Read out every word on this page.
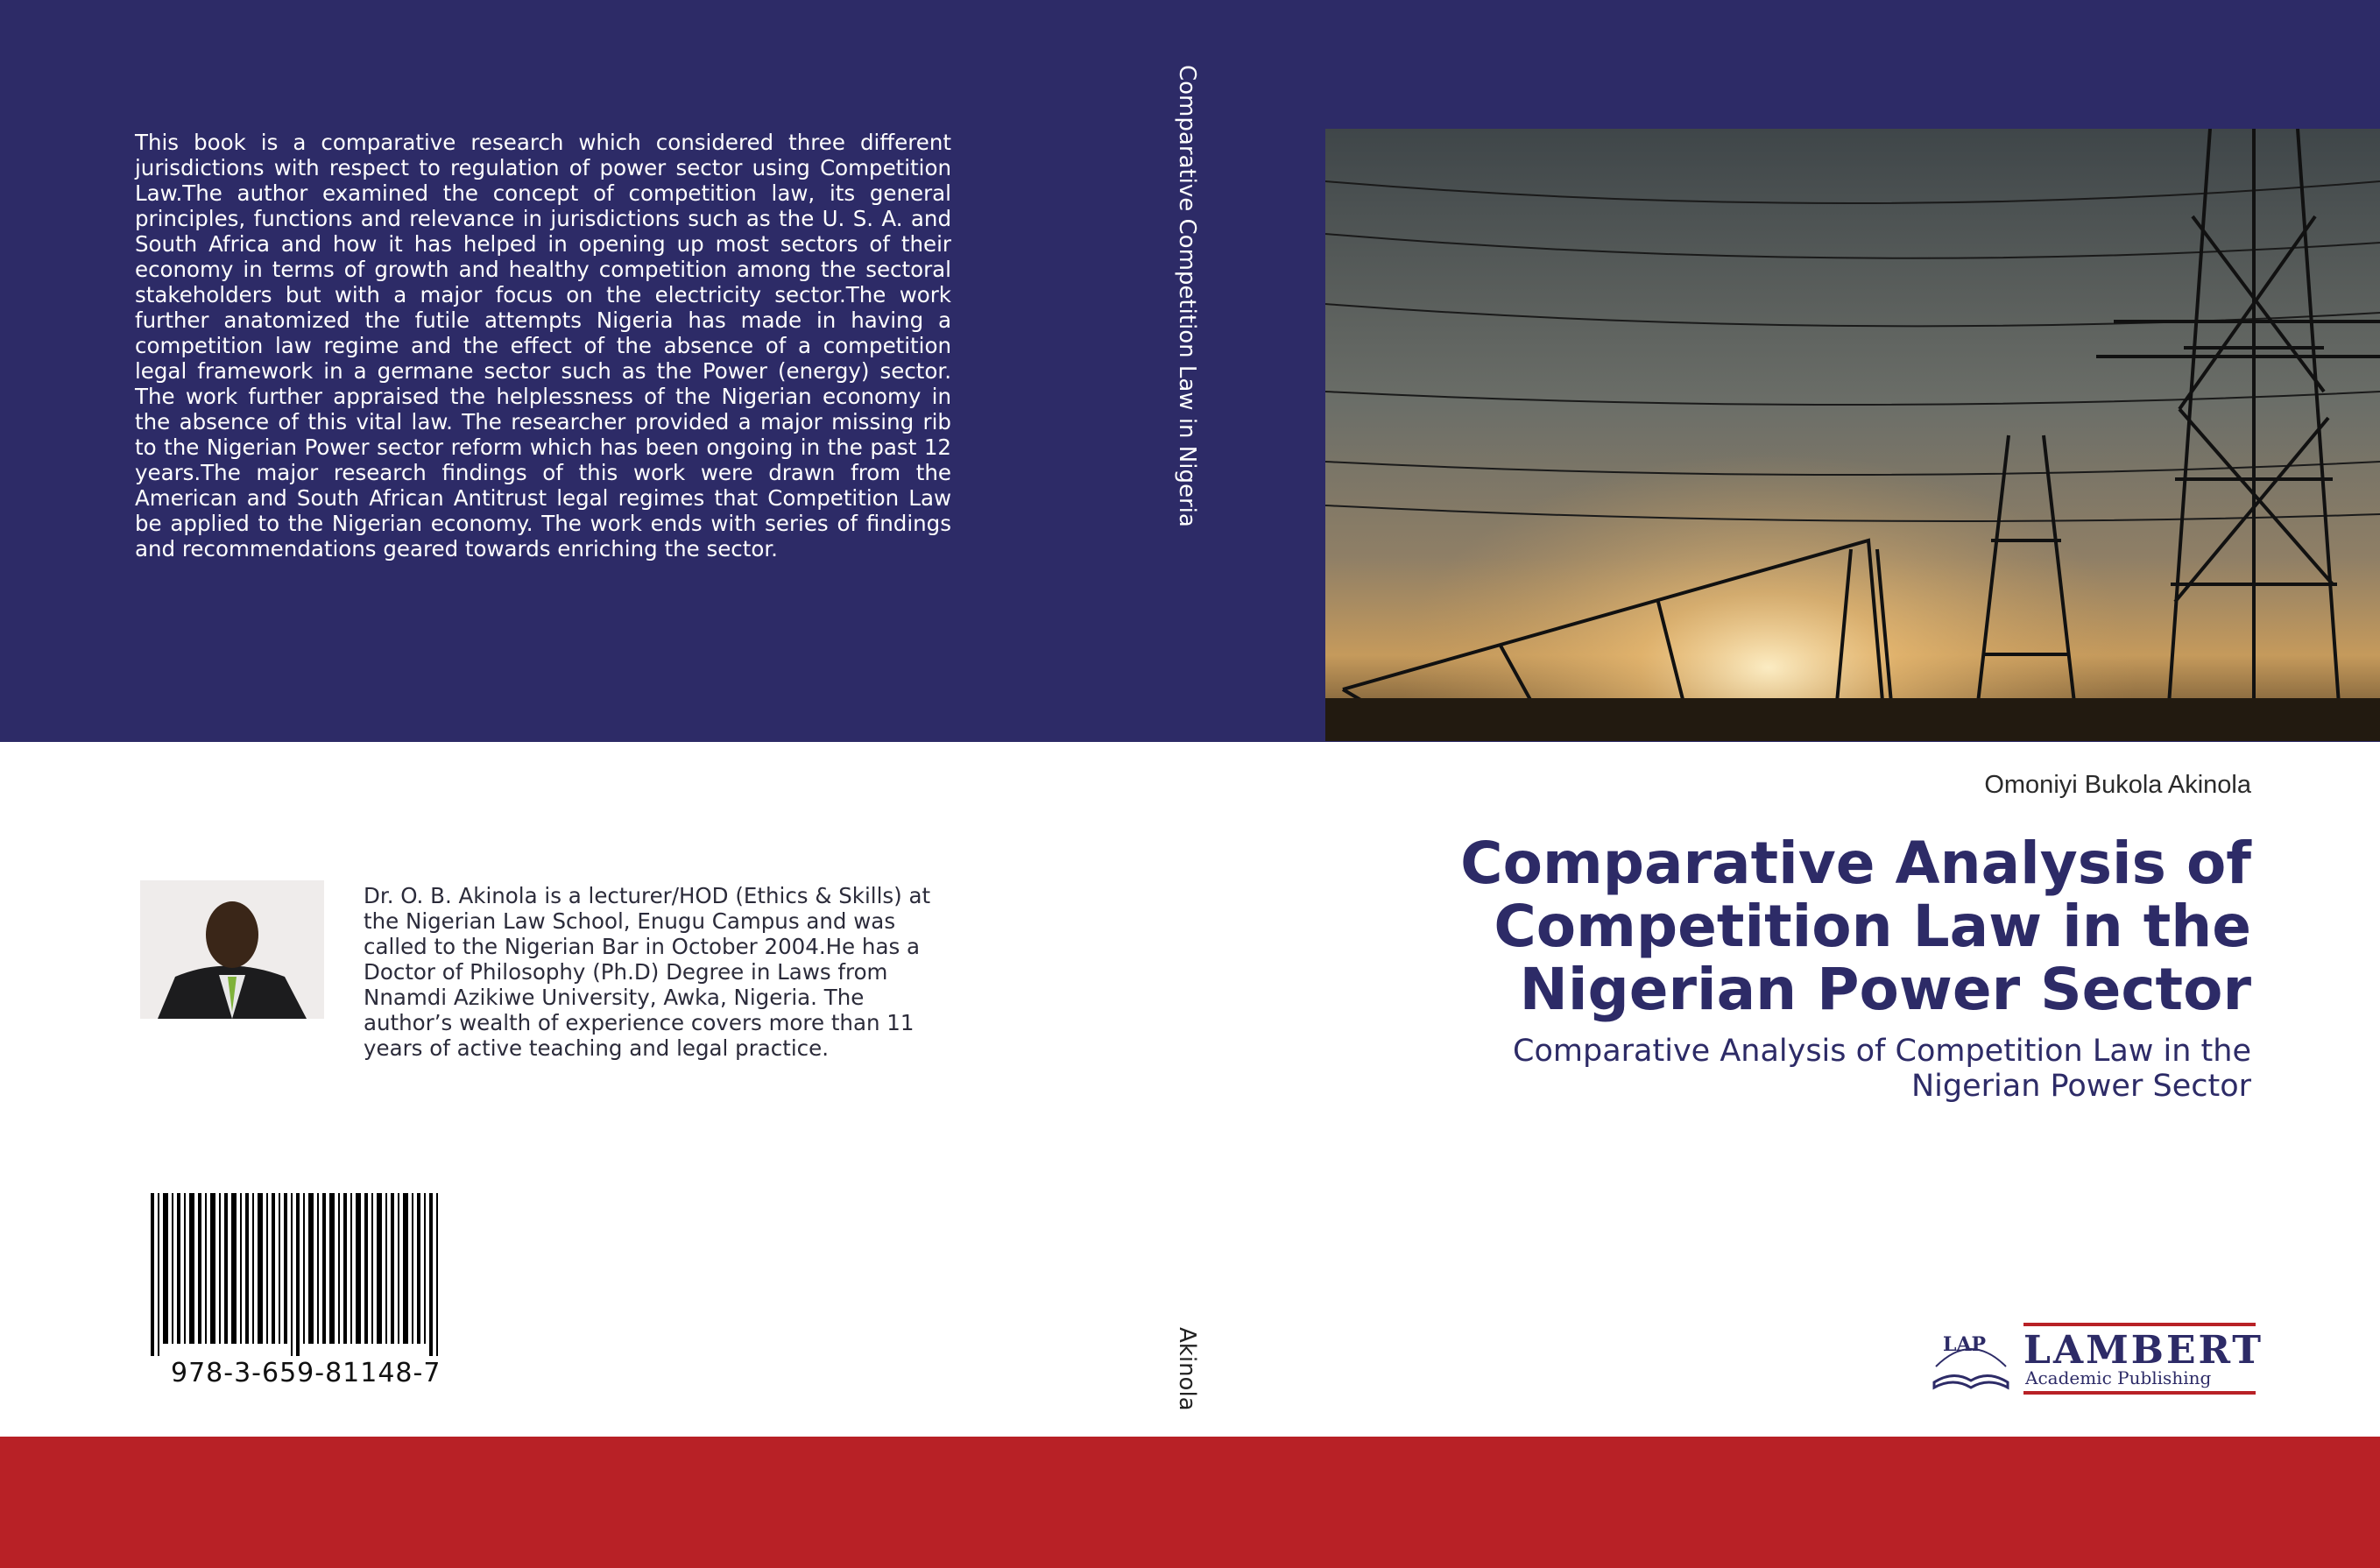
This book is a comparative research which considered three different jurisdictions with respect to regulation of power sector using Competition Law.The author examined the concept of competition law, its general principles, functions and relevance in jurisdictions such as the U. S. A. and South Africa and how it has helped in opening up most sectors of their economy in terms of growth and healthy competition among the sectoral stakeholders but with a major focus on the electricity sector.The work further anatomized the futile attempts Nigeria has made in having a competition law regime and the effect of the absence of a competition legal framework in a germane sector such as the Power (energy) sector. The work further appraised the helplessness of the Nigerian economy in the absence of this vital law. The researcher provided a major missing rib to the Nigerian Power sector reform which has been ongoing in the past 12 years.The major research findings of this work were drawn from the American and South African Antitrust legal regimes that Competition Law be applied to the Nigerian economy. The work ends with series of findings and recommendations geared towards enriching the sector.
Comparative Competition Law in Nigeria
Akinola
Omoniyi Bukola Akinola
Comparative Analysis of Competition Law in the Nigerian Power Sector
Comparative Analysis of Competition Law in the Nigerian Power Sector
Dr. O. B. Akinola is a lecturer/HOD (Ethics & Skills) at the Nigerian Law School, Enugu Campus and was called to the Nigerian Bar in October 2004.He has a Doctor of Philosophy (Ph.D) Degree in Laws from Nnamdi Azikiwe University, Awka, Nigeria. The author’s wealth of experience covers more than 11 years of active teaching and legal practice.
978-3-659-81148-7
LAP LAMBERT
Academic Publishing
